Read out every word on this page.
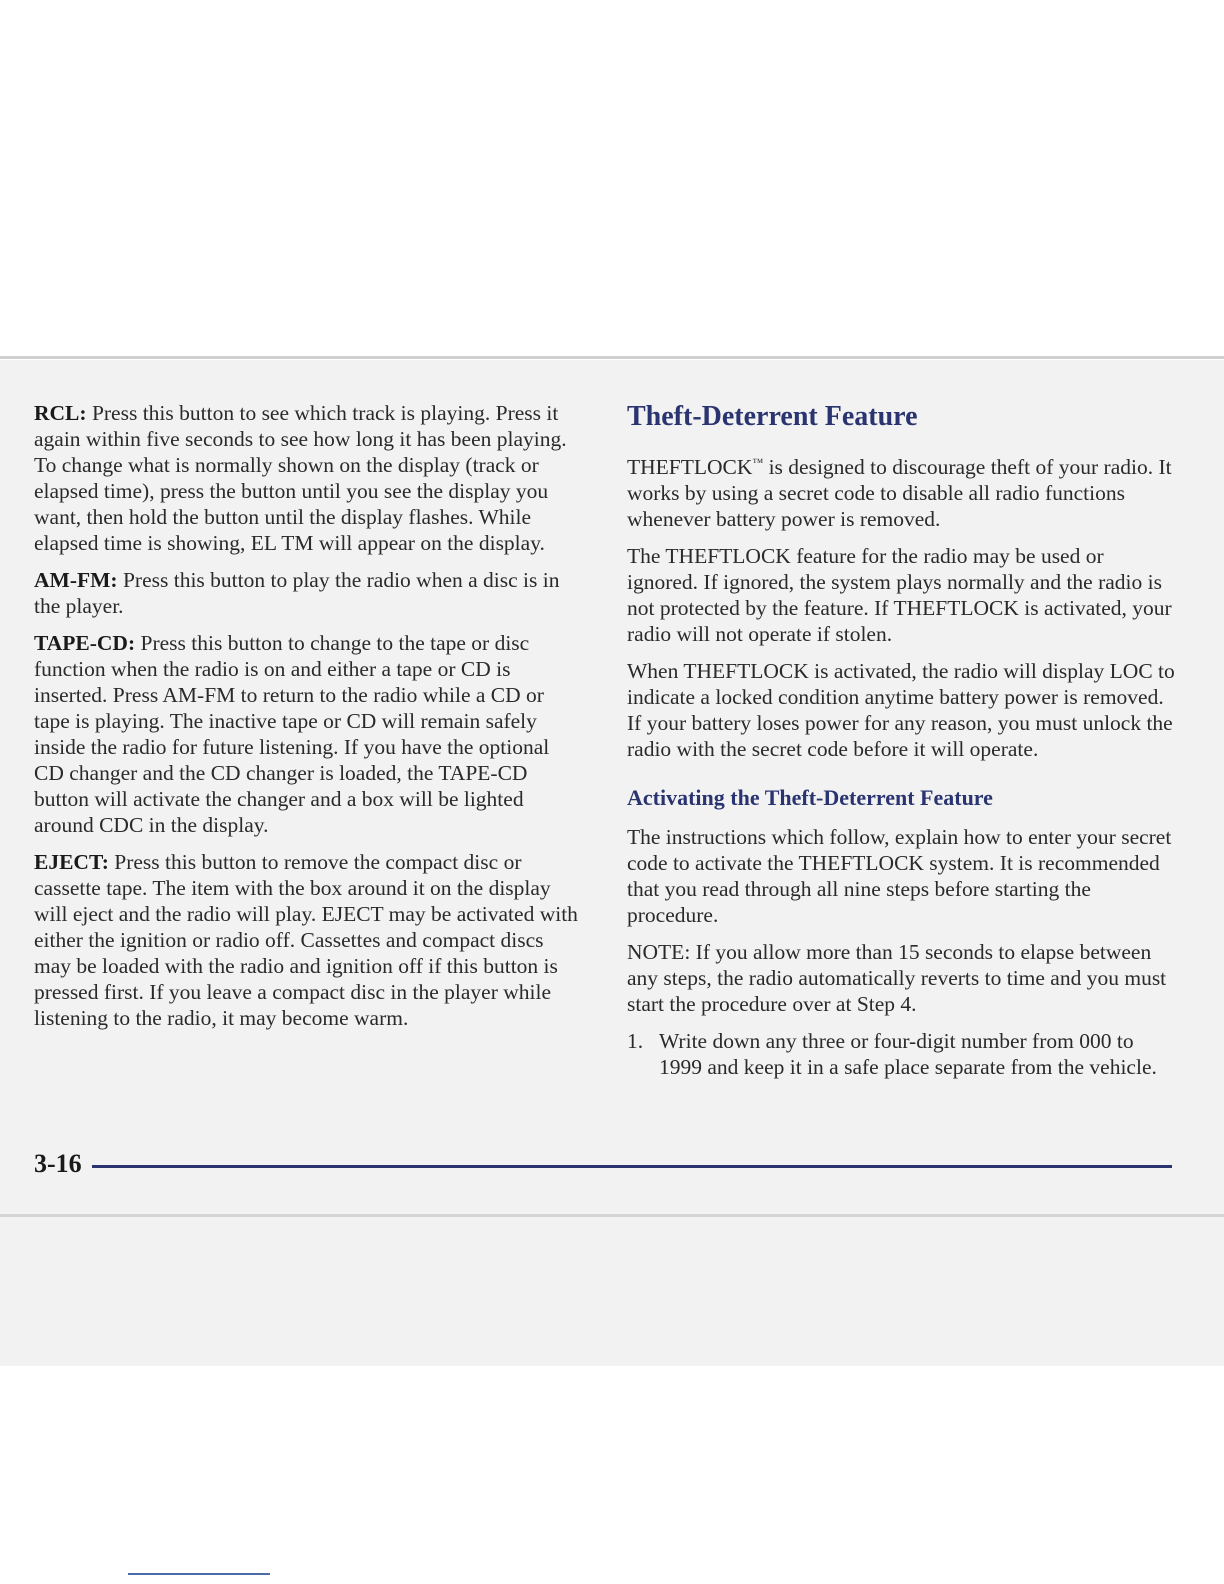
RCL: Press this button to see which track is playing. Press it again within five seconds to see how long it has been playing. To change what is normally shown on the display (track or elapsed time), press the button until you see the display you want, then hold the button until the display flashes. While elapsed time is showing, EL TM will appear on the display.

AM-FM: Press this button to play the radio when a disc is in the player.

TAPE-CD: Press this button to change to the tape or disc function when the radio is on and either a tape or CD is inserted. Press AM-FM to return to the radio while a CD or tape is playing. The inactive tape or CD will remain safely inside the radio for future listening. If you have the optional CD changer and the CD changer is loaded, the TAPE-CD button will activate the changer and a box will be lighted around CDC in the display.

EJECT: Press this button to remove the compact disc or cassette tape. The item with the box around it on the display will eject and the radio will play. EJECT may be activated with either the ignition or radio off. Cassettes and compact discs may be loaded with the radio and ignition off if this button is pressed first. If you leave a compact disc in the player while listening to the radio, it may become warm.

Theft-Deterrent Feature

THEFTLOCK™ is designed to discourage theft of your radio. It works by using a secret code to disable all radio functions whenever battery power is removed.

The THEFTLOCK feature for the radio may be used or ignored. If ignored, the system plays normally and the radio is not protected by the feature. If THEFTLOCK is activated, your radio will not operate if stolen.

When THEFTLOCK is activated, the radio will display LOC to indicate a locked condition anytime battery power is removed. If your battery loses power for any reason, you must unlock the radio with the secret code before it will operate.

Activating the Theft-Deterrent Feature

The instructions which follow, explain how to enter your secret code to activate the THEFTLOCK system. It is recommended that you read through all nine steps before starting the procedure.

NOTE: If you allow more than 15 seconds to elapse between any steps, the radio automatically reverts to time and you must start the procedure over at Step 4.

1. Write down any three or four-digit number from 000 to 1999 and keep it in a safe place separate from the vehicle.
3-16
